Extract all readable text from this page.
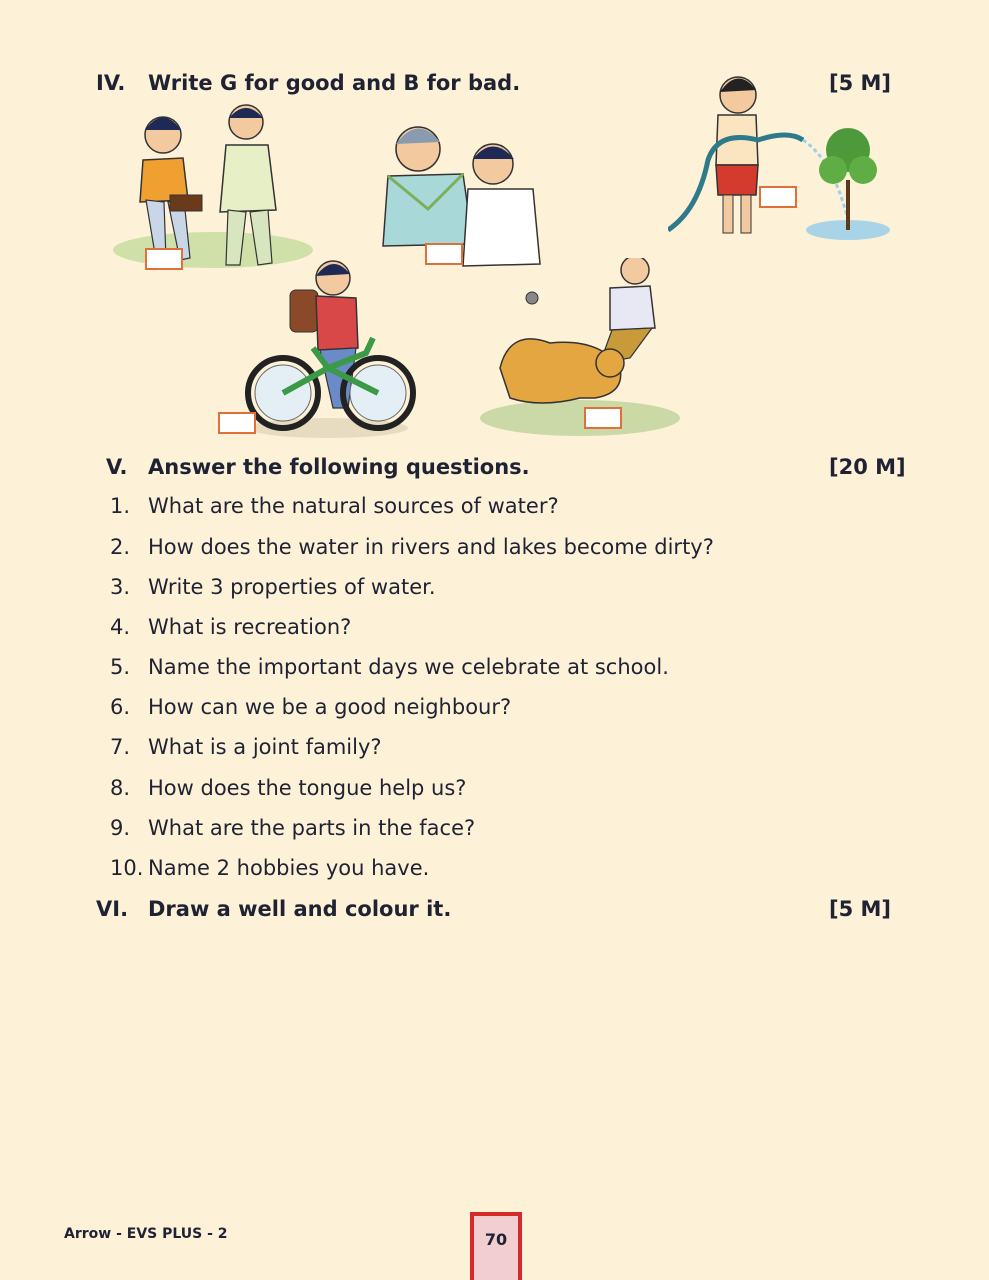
IV. Write G for good and B for bad.	[5 M]
V. Answer the following questions.	[20 M]
1. What are the natural sources of water?
2. How does the water in rivers and lakes become dirty?
3. Write 3 properties of water.
4. What is recreation?
5. Name the important days we celebrate at school.
6. How can we be a good neighbour?
7. What is a joint family?
8. How does the tongue help us?
9. What are the parts in the face?
10. Name 2 hobbies you have.
VI. Draw a well and colour it.	[5 M]
Arrow - EVS PLUS - 2	70
